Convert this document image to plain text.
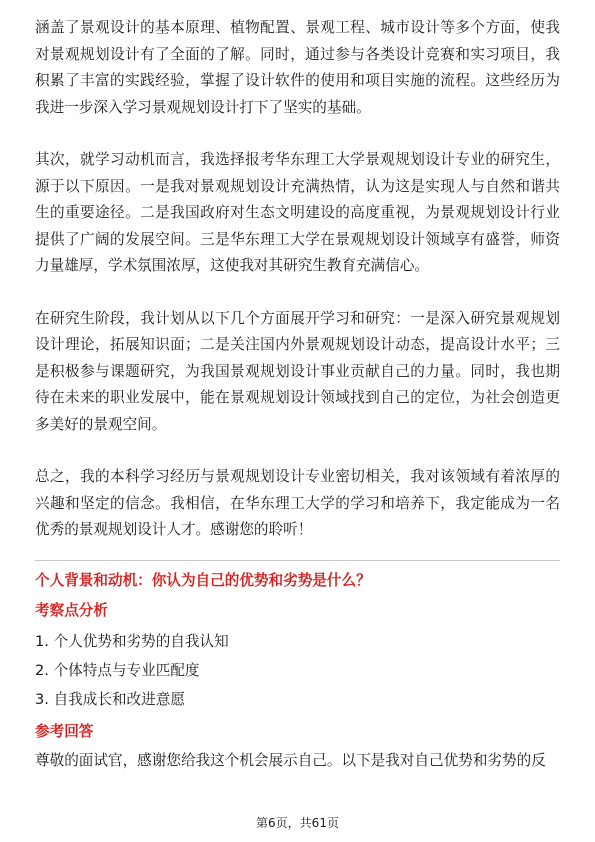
涵盖了景观设计的基本原理、植物配置、景观工程、城市设计等多个方面，使我对景观规划设计有了全面的了解。同时，通过参与各类设计竞赛和实习项目，我积累了丰富的实践经验，掌握了设计软件的使用和项目实施的流程。这些经历为我进一步深入学习景观规划设计打下了坚实的基础。

其次，就学习动机而言，我选择报考华东理工大学景观规划设计专业的研究生，源于以下原因。一是我对景观规划设计充满热情，认为这是实现人与自然和谐共生的重要途径。二是我国政府对生态文明建设的高度重视，为景观规划设计行业提供了广阔的发展空间。三是华东理工大学在景观规划设计领域享有盛誉，师资力量雄厚，学术氛围浓厚，这使我对其研究生教育充满信心。

在研究生阶段，我计划从以下几个方面展开学习和研究：一是深入研究景观规划设计理论，拓展知识面；二是关注国内外景观规划设计动态，提高设计水平；三是积极参与课题研究，为我国景观规划设计事业贡献自己的力量。同时，我也期待在未来的职业发展中，能在景观规划设计领域找到自己的定位，为社会创造更多美好的景观空间。

总之，我的本科学习经历与景观规划设计专业密切相关，我对该领域有着浓厚的兴趣和坚定的信念。我相信，在华东理工大学的学习和培养下，我定能成为一名优秀的景观规划设计人才。感谢您的聆听！

个人背景和动机：你认为自己的优势和劣势是什么？

考察点分析

1. 个人优势和劣势的自我认知

2. 个体特点与专业匹配度

3. 自我成长和改进意愿

参考回答

尊敬的面试官，感谢您给我这个机会展示自己。以下是我对自己优势和劣势的反

第6页，共61页
